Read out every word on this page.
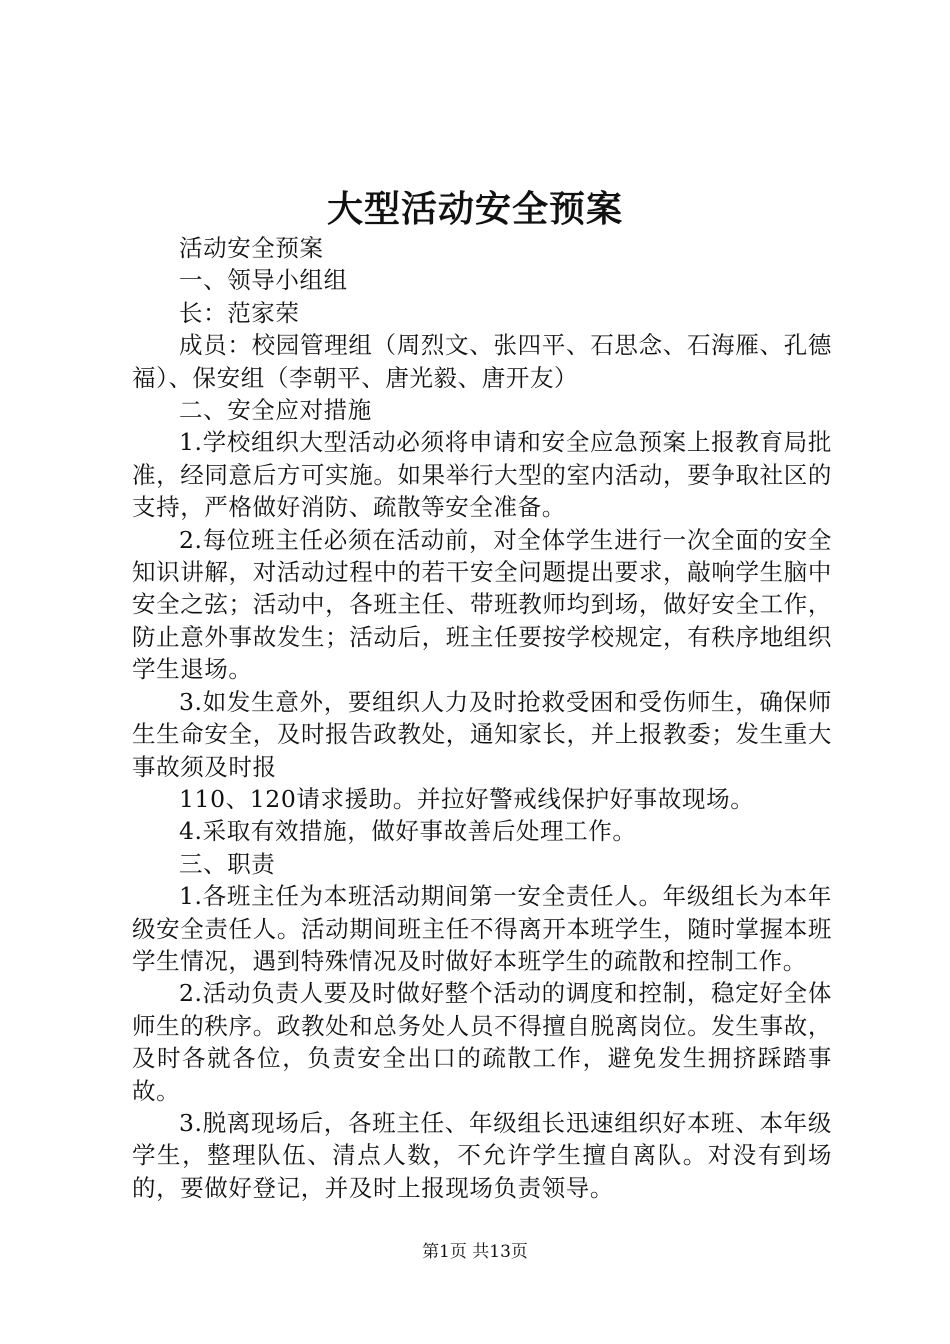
大型活动安全预案

活动安全预案

一、领导小组组

长：范家荣

成员：校园管理组（周烈文、张四平、石思念、石海雁、孔德福）、保安组（李朝平、唐光毅、唐开友）

二、安全应对措施

1.学校组织大型活动必须将申请和安全应急预案上报教育局批准，经同意后方可实施。如果举行大型的室内活动，要争取社区的支持，严格做好消防、疏散等安全准备。

2.每位班主任必须在活动前，对全体学生进行一次全面的安全知识讲解，对活动过程中的若干安全问题提出要求，敲响学生脑中安全之弦；活动中，各班主任、带班教师均到场，做好安全工作，防止意外事故发生；活动后，班主任要按学校规定，有秩序地组织学生退场。

3.如发生意外，要组织人力及时抢救受困和受伤师生，确保师生生命安全，及时报告政教处，通知家长，并上报教委；发生重大事故须及时报

110、120请求援助。并拉好警戒线保护好事故现场。

4.采取有效措施，做好事故善后处理工作。

三、职责

1.各班主任为本班活动期间第一安全责任人。年级组长为本年级安全责任人。活动期间班主任不得离开本班学生，随时掌握本班学生情况，遇到特殊情况及时做好本班学生的疏散和控制工作。

2.活动负责人要及时做好整个活动的调度和控制，稳定好全体师生的秩序。政教处和总务处人员不得擅自脱离岗位。发生事故，及时各就各位，负责安全出口的疏散工作，避免发生拥挤踩踏事故。

3.脱离现场后，各班主任、年级组长迅速组织好本班、本年级学生，整理队伍、清点人数，不允许学生擅自离队。对没有到场的，要做好登记，并及时上报现场负责领导。

第1页 共13页
